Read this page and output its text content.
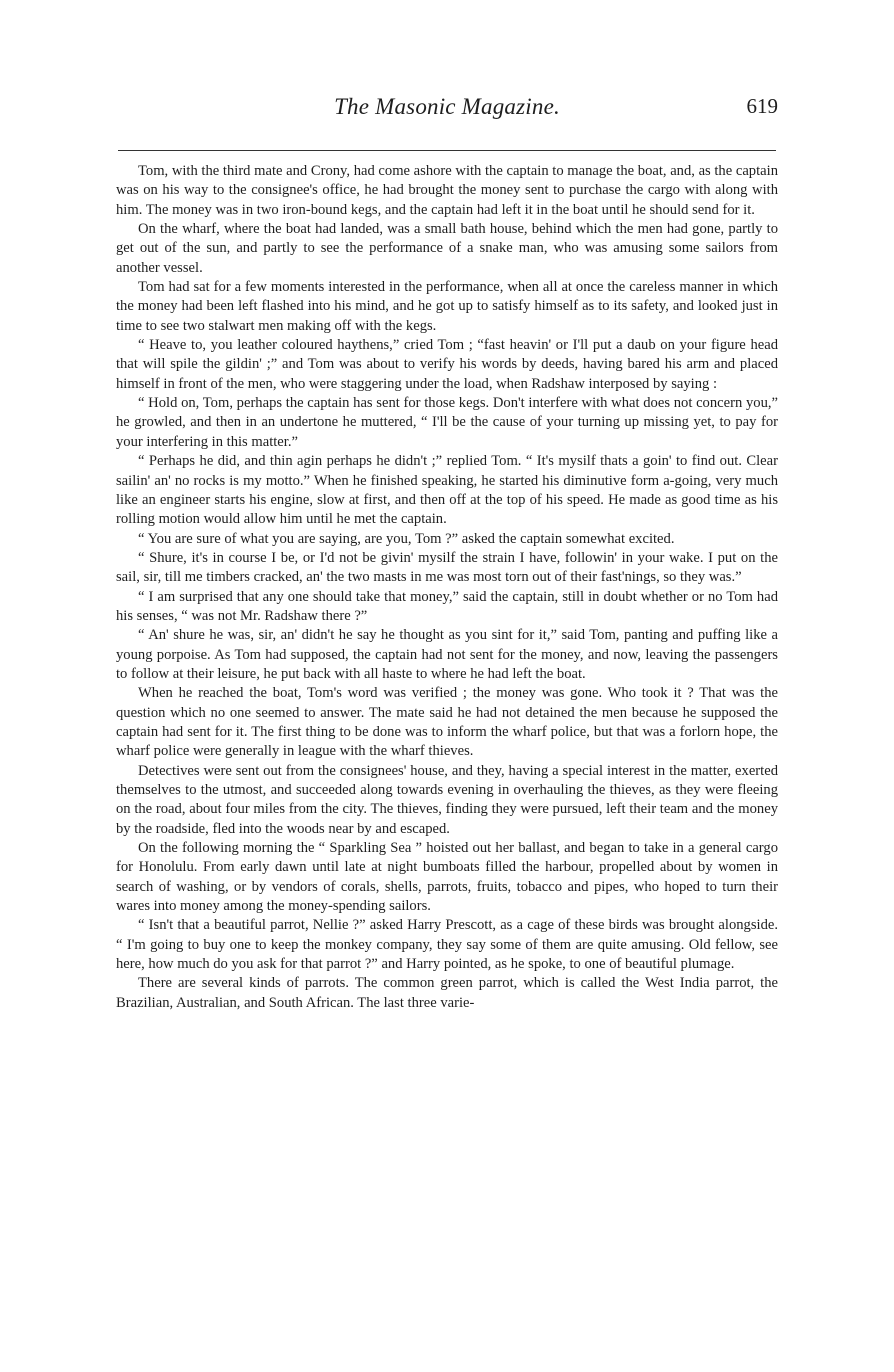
The Masonic Magazine.	619

Tom, with the third mate and Crony, had come ashore with the captain to manage the boat, and, as the captain was on his way to the consignee's office, he had brought the money sent to purchase the cargo with along with him. The money was in two iron-bound kegs, and the captain had left it in the boat until he should send for it.

On the wharf, where the boat had landed, was a small bath house, behind which the men had gone, partly to get out of the sun, and partly to see the performance of a snake man, who was amusing some sailors from another vessel.

Tom had sat for a few moments interested in the performance, when all at once the careless manner in which the money had been left flashed into his mind, and he got up to satisfy himself as to its safety, and looked just in time to see two stalwart men making off with the kegs.

“ Heave to, you leather coloured haythens,” cried Tom ; “fast heavin' or I'll put a daub on your figure head that will spile the gildin' ;” and Tom was about to verify his words by deeds, having bared his arm and placed himself in front of the men, who were staggering under the load, when Radshaw interposed by saying :

“ Hold on, Tom, perhaps the captain has sent for those kegs. Don't interfere with what does not concern you,” he growled, and then in an undertone he muttered, “ I'll be the cause of your turning up missing yet, to pay for your interfering in this matter.”

“ Perhaps he did, and thin agin perhaps he didn't ;” replied Tom. “ It's mysilf thats a goin' to find out. Clear sailin' an' no rocks is my motto.” When he finished speaking, he started his diminutive form a-going, very much like an engineer starts his engine, slow at first, and then off at the top of his speed. He made as good time as his rolling motion would allow him until he met the captain.

“ You are sure of what you are saying, are you, Tom ?” asked the captain somewhat excited.

“ Shure, it's in course I be, or I'd not be givin' mysilf the strain I have, followin' in your wake. I put on the sail, sir, till me timbers cracked, an' the two masts in me was most torn out of their fast'nings, so they was.”

“ I am surprised that any one should take that money,” said the captain, still in doubt whether or no Tom had his senses, “ was not Mr. Radshaw there ?”

“ An' shure he was, sir, an' didn't he say he thought as you sint for it,” said Tom, panting and puffing like a young porpoise. As Tom had supposed, the captain had not sent for the money, and now, leaving the passengers to follow at their leisure, he put back with all haste to where he had left the boat.

When he reached the boat, Tom's word was verified ; the money was gone. Who took it ? That was the question which no one seemed to answer. The mate said he had not detained the men because he supposed the captain had sent for it. The first thing to be done was to inform the wharf police, but that was a forlorn hope, the wharf police were generally in league with the wharf thieves.

Detectives were sent out from the consignees' house, and they, having a special interest in the matter, exerted themselves to the utmost, and succeeded along towards evening in overhauling the thieves, as they were fleeing on the road, about four miles from the city. The thieves, finding they were pursued, left their team and the money by the roadside, fled into the woods near by and escaped.

On the following morning the “ Sparkling Sea ” hoisted out her ballast, and began to take in a general cargo for Honolulu. From early dawn until late at night bumboats filled the harbour, propelled about by women in search of washing, or by vendors of corals, shells, parrots, fruits, tobacco and pipes, who hoped to turn their wares into money among the money-spending sailors.

“ Isn't that a beautiful parrot, Nellie ?” asked Harry Prescott, as a cage of these birds was brought alongside. “ I'm going to buy one to keep the monkey company, they say some of them are quite amusing. Old fellow, see here, how much do you ask for that parrot ?” and Harry pointed, as he spoke, to one of beautiful plumage.

There are several kinds of parrots. The common green parrot, which is called the West India parrot, the Brazilian, Australian, and South African. The last three varie-
